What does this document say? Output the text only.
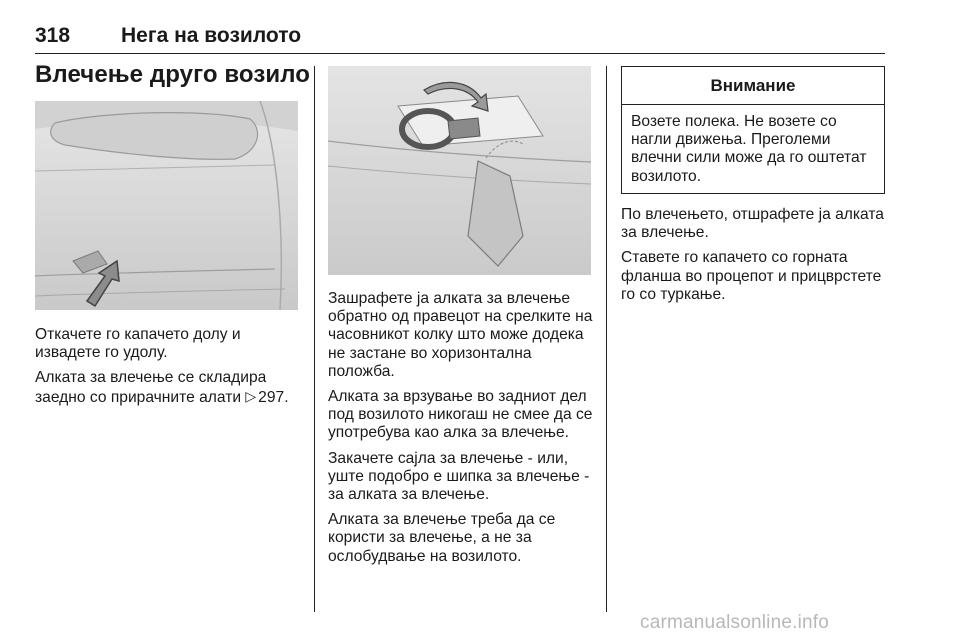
318 Нега на возилото
Влечење друго возило

Откачете го капачето долу и извадете го удолу.

Алката за влечење се складира заедно со прирачните алати ▷ 297.

Зашрафете ја алката за влечење обратно од правецот на срелките на часовникот колку што може додека не застане во хоризонтална положба.

Алката за врзување во задниот дел под возилото никогаш не смее да се употребува као алка за влечење.

Закачете сајла за влечење - или, уште подобро е шипка за влечење - за алката за влечење.

Алката за влечење треба да се користи за влечење, а не за ослобудвање на возилото.

Внимание
Возете полека. Не возете со нагли движења. Преголеми влечни сили може да го оштетат возилото.

По влечењето, отшрафете ја алката за влечење.

Ставете го капачето со горната фланша во процепот и прицврстете го со туркање.

carmanualsonline.info
